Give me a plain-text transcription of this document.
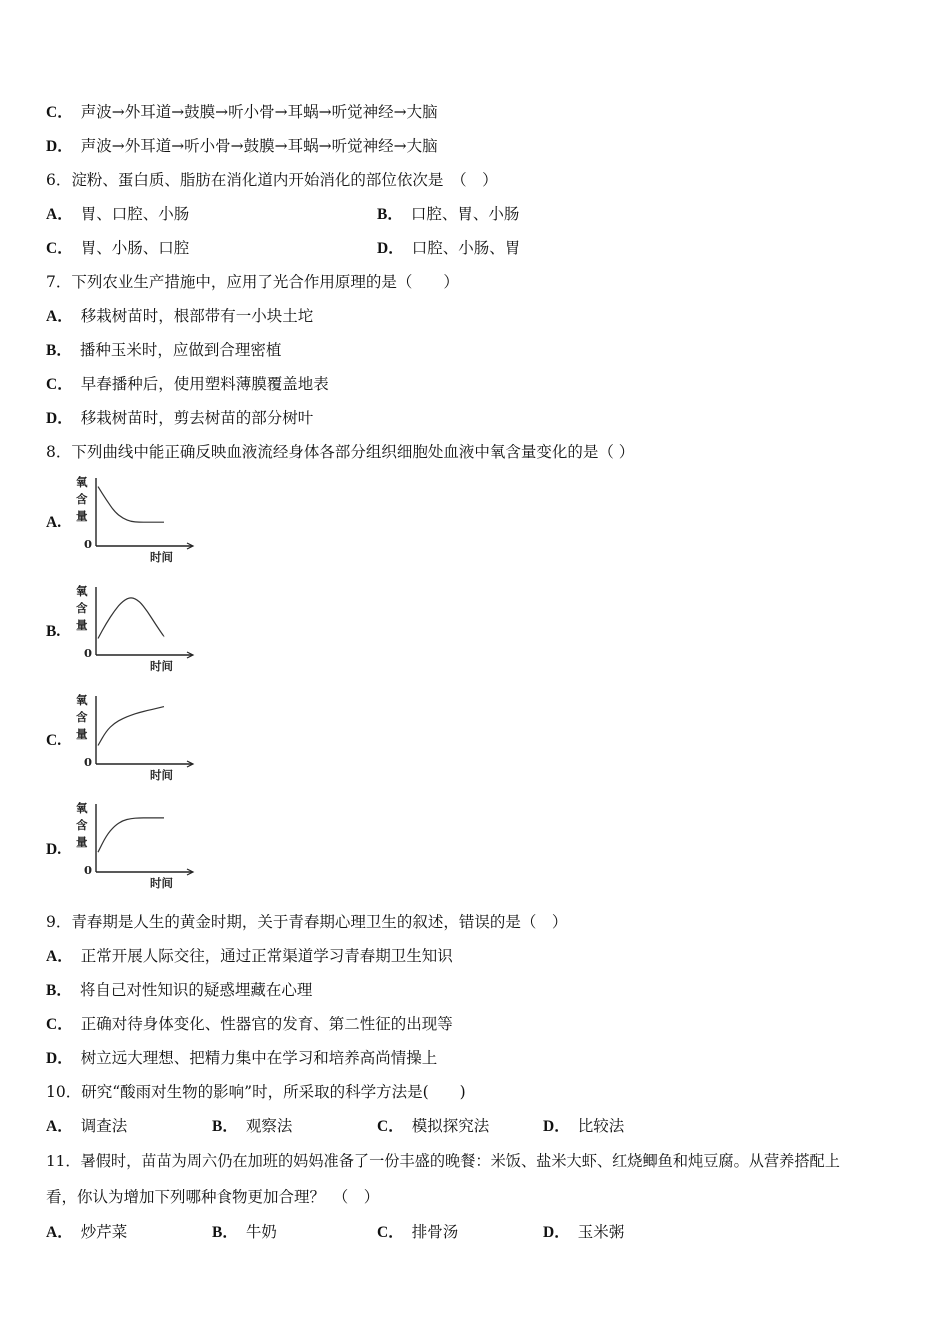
C． 声波→外耳道→鼓膜→听小骨→耳蜗→听觉神经→大脑
D． 声波→外耳道→听小骨→鼓膜→耳蜗→听觉神经→大脑
6．淀粉、蛋白质、脂肪在消化道内开始消化的部位依次是　（　）
A． 胃、口腔、小肠	B． 口腔、胃、小肠
C． 胃、小肠、口腔	D． 口腔、小肠、胃
7．下列农业生产措施中，应用了光合作用原理的是（　　）
A． 移栽树苗时，根部带有一小块土坨
B． 播种玉米时，应做到合理密植
C． 早春播种后，使用塑料薄膜覆盖地表
D． 移栽树苗时，剪去树苗的部分树叶
8．下列曲线中能正确反映血液流经身体各部分组织细胞处血液中氧含量变化的是（ ）
A.
氧
含
量
0
时间
B.
氧
含
量
0
时间
C.
氧
含
量
0
时间
D.
氧
含
量
0
时间
9．青春期是人生的黄金时期，关于青春期心理卫生的叙述，错误的是（　）
A． 正常开展人际交往，通过正常渠道学习青春期卫生知识
B． 将自己对性知识的疑惑埋藏在心理
C． 正确对待身体变化、性器官的发育、第二性征的出现等
D． 树立远大理想、把精力集中在学习和培养高尚情操上
10．研究“酸雨对生物的影响”时，所采取的科学方法是(　　)
A． 调查法	B． 观察法	C． 模拟探究法	D． 比较法
11．暑假时，苗苗为周六仍在加班的妈妈准备了一份丰盛的晚餐：米饭、盐米大虾、红烧鲫鱼和炖豆腐。从营养搭配上
看，你认为增加下列哪种食物更加合理？　（　）
A． 炒芹菜	B． 牛奶	C． 排骨汤	D． 玉米粥
